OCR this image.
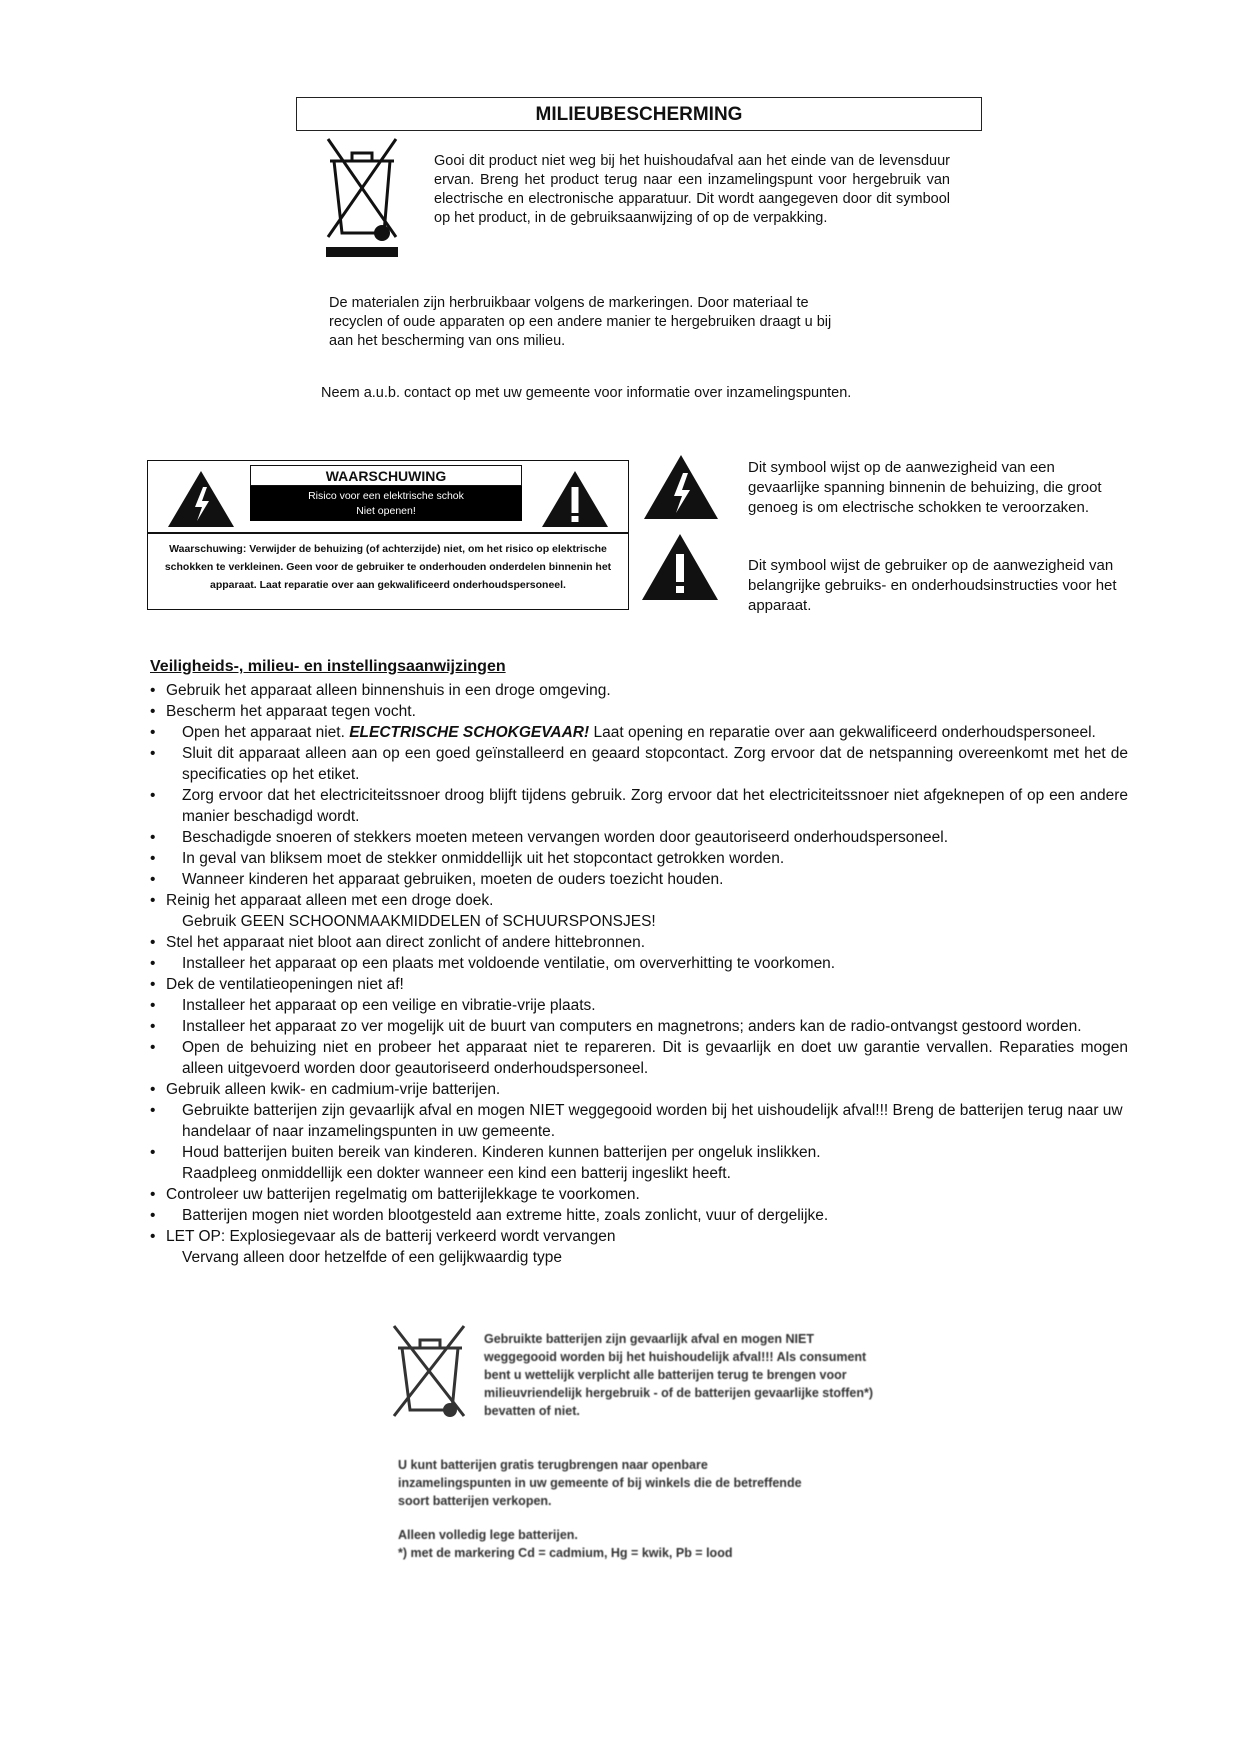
MILIEUBESCHERMING
Gooi dit product niet weg bij het huishoudafval aan het einde van de levensduur ervan. Breng het product terug naar een inzamelingspunt voor hergebruik van electrische en electronische apparatuur. Dit wordt aangegeven door dit symbool op het product, in de gebruiksaanwijzing of op de verpakking.
De materialen zijn herbruikbaar volgens de markeringen. Door materiaal te recyclen of oude apparaten op een andere manier te hergebruiken draagt u bij aan het bescherming van ons milieu.
Neem a.u.b. contact op met uw gemeente voor informatie over inzamelingspunten.
WAARSCHUWING
Risico voor een elektrische schok
Niet openen!
Waarschuwing: Verwijder de behuizing (of achterzijde) niet, om het risico op elektrische schokken te verkleinen. Geen voor de gebruiker te onderhouden onderdelen binnenin het apparaat. Laat reparatie over aan gekwalificeerd onderhoudspersoneel.
Dit symbool wijst op de aanwezigheid van een gevaarlijke spanning binnenin de behuizing, die groot genoeg is om electrische schokken te veroorzaken.
Dit symbool wijst de gebruiker op de aanwezigheid van belangrijke gebruiks- en onderhoudsinstructies voor het apparaat.
Veiligheids-, milieu- en instellingsaanwijzingen
• Gebruik het apparaat alleen binnenshuis in een droge omgeving.
• Bescherm het apparaat tegen vocht.
• Open het apparaat niet. ELECTRISCHE SCHOKGEVAAR! Laat opening en reparatie over aan gekwalificeerd onderhoudspersoneel.
• Sluit dit apparaat alleen aan op een goed geïnstalleerd en geaard stopcontact. Zorg ervoor dat de netspanning overeenkomt met het de specificaties op het etiket.
• Zorg ervoor dat het electriciteitssnoer droog blijft tijdens gebruik. Zorg ervoor dat het electriciteitssnoer niet afgeknepen of op een andere manier beschadigd wordt.
• Beschadigde snoeren of stekkers moeten meteen vervangen worden door geautoriseerd onderhoudspersoneel.
• In geval van bliksem moet de stekker onmiddellijk uit het stopcontact getrokken worden.
• Wanneer kinderen het apparaat gebruiken, moeten de ouders toezicht houden.
• Reinig het apparaat alleen met een droge doek.
Gebruik GEEN SCHOONMAAKMIDDELEN of SCHUURSPONSJES!
• Stel het apparaat niet bloot aan direct zonlicht of andere hittebronnen.
• Installeer het apparaat op een plaats met voldoende ventilatie, om oververhitting te voorkomen.
• Dek de ventilatieopeningen niet af!
• Installeer het apparaat op een veilige en vibratie-vrije plaats.
• Installeer het apparaat zo ver mogelijk uit de buurt van computers en magnetrons; anders kan de radio-ontvangst gestoord worden.
• Open de behuizing niet en probeer het apparaat niet te repareren. Dit is gevaarlijk en doet uw garantie vervallen. Reparaties mogen alleen uitgevoerd worden door geautoriseerd onderhoudspersoneel.
• Gebruik alleen kwik- en cadmium-vrije batterijen.
• Gebruikte batterijen zijn gevaarlijk afval en mogen NIET weggegooid worden bij het uishoudelijk afval!!! Breng de batterijen terug naar uw handelaar of naar inzamelingspunten in uw gemeente.
• Houd batterijen buiten bereik van kinderen. Kinderen kunnen batterijen per ongeluk inslikken.
Raadpleeg onmiddellijk een dokter wanneer een kind een batterij ingeslikt heeft.
• Controleer uw batterijen regelmatig om batterijlekkage te voorkomen.
• Batterijen mogen niet worden blootgesteld aan extreme hitte, zoals zonlicht, vuur of dergelijke.
• LET OP: Explosiegevaar als de batterij verkeerd wordt vervangen
Vervang alleen door hetzelfde of een gelijkwaardig type
Gebruikte batterijen zijn gevaarlijk afval en mogen NIET weggegooid worden bij het huishoudelijk afval!!! Als consument bent u wettelijk verplicht alle batterijen terug te brengen voor milieuvriendelijk hergebruik - of de batterijen gevaarlijke stoffen*) bevatten of niet.
U kunt batterijen gratis terugbrengen naar openbare inzamelingspunten in uw gemeente of bij winkels die de betreffende soort batterijen verkopen.
Alleen volledig lege batterijen.
*) met de markering Cd = cadmium, Hg = kwik, Pb = lood
